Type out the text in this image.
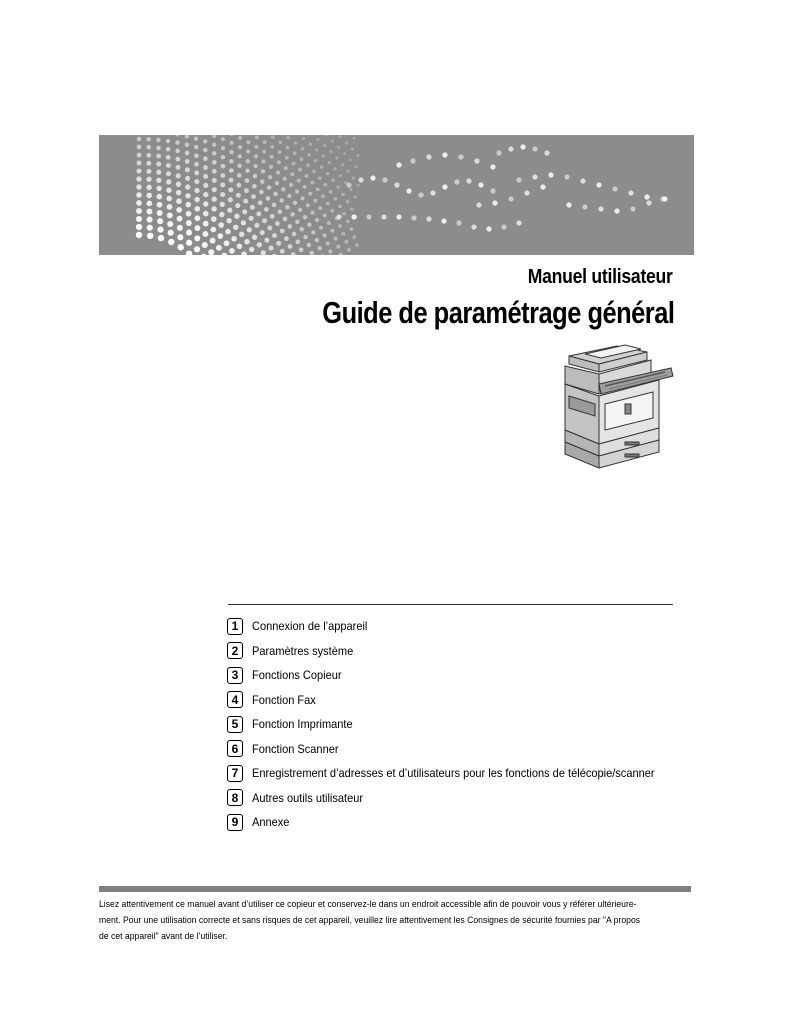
Manuel utilisateur
Guide de paramétrage général
1	Connexion de l’appareil
2	Paramètres système
3	Fonctions Copieur
4	Fonction Fax
5	Fonction Imprimante
6	Fonction Scanner
7	Enregistrement d’adresses et d’utilisateurs pour les fonctions de télécopie/scanner
8	Autres outils utilisateur
9	Annexe

Lisez attentivement ce manuel avant d’utiliser ce copieur et conservez-le dans un endroit accessible afin de pouvoir vous y référer ultérieure-

ment. Pour une utilisation correcte et sans risques de cet appareil, veuillez lire attentivement les Consignes de sécurité fournies par "A propos

de cet appareil" avant de l’utiliser.
